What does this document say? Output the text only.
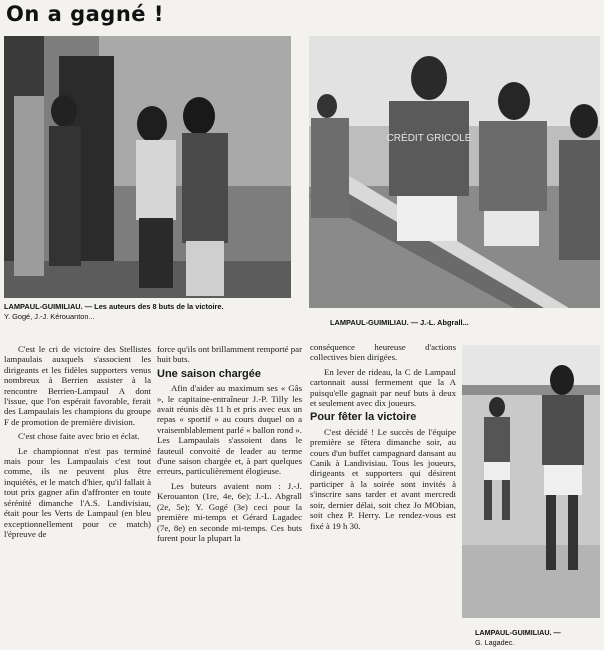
On a gagné !
LAMPAUL-GUIMILIAU. — Les auteurs des 8 buts de la victoire.
Y. Gogé, J.-J. Kérouanton...
CRÉDIT GRICOLE
LAMPAUL-GUIMILIAU. — J.-L. Abgrall...
LAMPAUL-GUIMILIAU. —
G. Lagadec.

C'est le cri de victoire des Stellistes lampaulais auxquels s'associent les dirigeants et les fidèles supporters venus nombreux à Berrien assister à la rencontre Berrien-Lampaul A dont l'issue, que l'on espérait favorable, ferait des Lampaulais les champions du groupe F de promotion de première division.

C'est chose faite avec brio et éclat.

Le championnat n'est pas terminé mais pour les Lampaulais c'est tout comme, ils ne peuvent plus être inquiétés, et le match d'hier, qu'il fallait à tout prix gagner afin d'affronter en toute sérénité dimanche l'A.S. Landivisiau, était pour les Verts de Lampaul (en bleu exceptionnellement pour ce match) l'épreuve de

force qu'ils ont brillamment remporté par huit buts.

Une saison chargée

Afin d'aider au maximum ses « Gâs », le capitaine-entraîneur J.-P. Tilly les avait réunis dès 11 h et pris avec eux un repas « sportif » au cours duquel on a vraisemblablement parlé « ballon rond ». Les Lampaulais s'assoient dans le fauteuil convoité de leader au terme d'une saison chargée et, à part quelques erreurs, particulièrement élogieuse.

Les buteurs avaient nom : J.-J. Kerouanton (1re, 4e, 6e); J.-L. Abgrall (2e, 5e); Y. Gogé (3e) ceci pour la première mi-temps et Gérard Lagadec (7e, 8e) en seconde mi-temps. Ces buts furent pour la plupart la

conséquence heureuse d'actions collectives bien dirigées.

En lever de rideau, la C de Lampaul cartonnait aussi fermement que la A puisqu'elle gagnait par neuf buts à deux et seulement avec dix joueurs.

Pour fêter la victoire

C'est décidé ! Le succès de l'équipe première se fêtera dimanche soir, au cours d'un buffet campagnard dansant au Canik à Landivisiau. Tous les joueurs, dirigeants et supporters qui désirent participer à la soirée sont invités à s'inscrire sans tarder et avant mercredi soir, dernier délai, soit chez Jo MObian, soit chez P. Herry. Le rendez-vous est fixé à 19 h 30.
